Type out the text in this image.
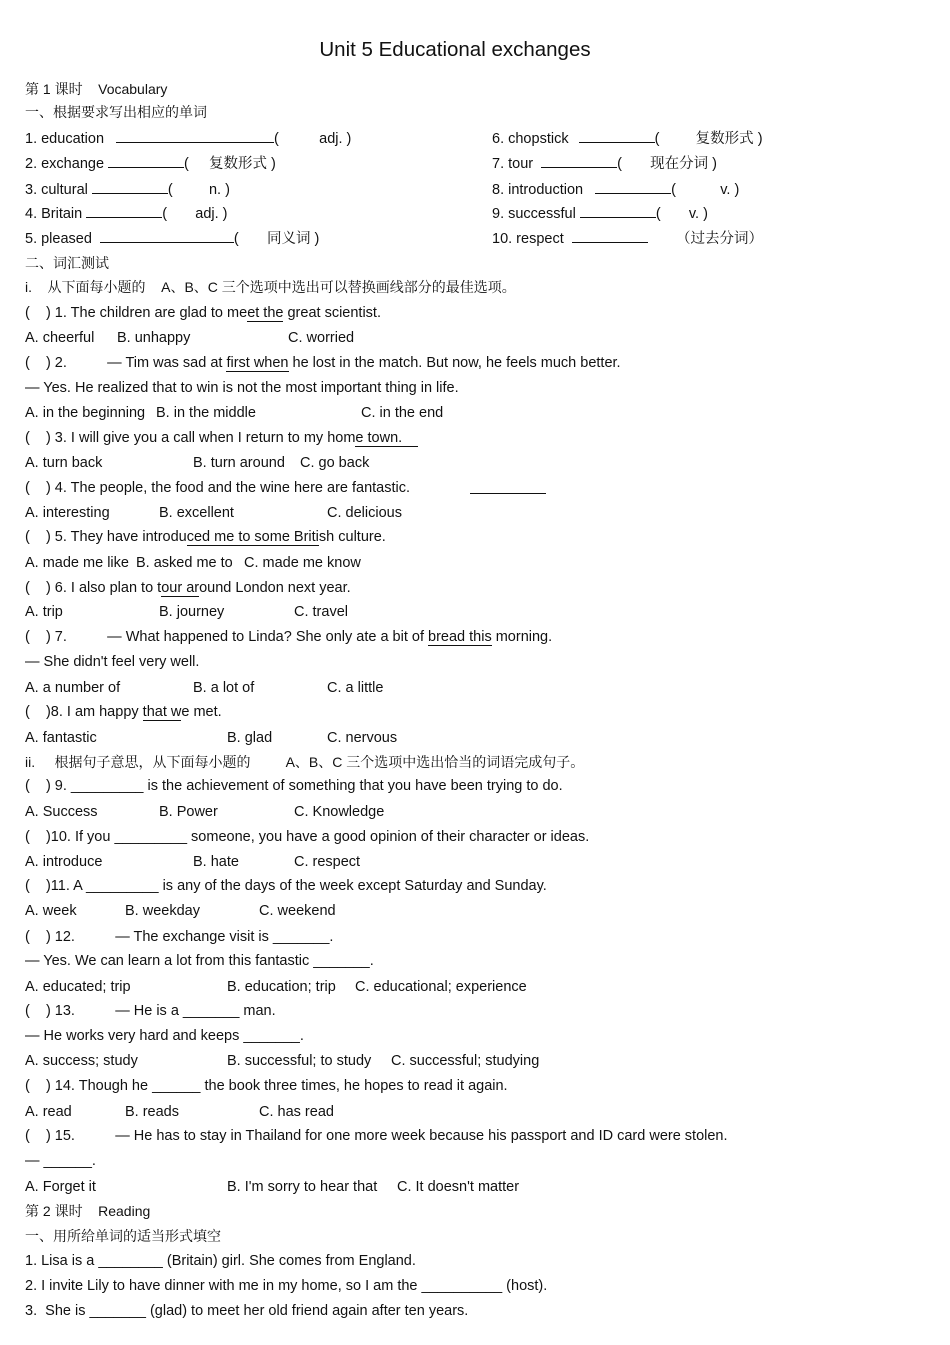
Unit 5 Educational exchanges
第 1 课时    Vocabulary
一、根据要求写出相应的单词
1. education	(          adj. )
2. exchange	(     复数形式 )
3. cultural	(         n. )
4. Britain	(       adj. )
5. pleased	(       同义词 )
6. chopstick	(         复数形式 )
7. tour	(       现在分词 )
8. introduction	(           v. )
9. successful	(       v. )
10. respect	（过去分词）
二、词汇测试
i.    从下面每小题的    A、B、C 三个选项中选出可以替换画线部分的最佳选项。
(    ) 1. The children are glad to meet the great scientist.
A. cheerful B. unhappy	C. worried
(    ) 2.          — Tim was sad at first when he lost in the match. But now, he feels much better.
— Yes. He realized that to win is not the most important thing in life.
A. in the beginning B. in the middle	C. in the end
(    ) 3. I will give you a call when I return to my home town.
A. turn back	B. turn around C. go back
(    ) 4. The people, the food and the wine here are fantastic.
A. interesting	B. excellent	C. delicious
(    ) 5. They have introduced me to some British culture.
A. made me like B. asked me to C. made me know
(    ) 6. I also plan to tour around London next year.
A. trip	B. journey	C. travel
(    ) 7.          — What happened to Linda? She only ate a bit of bread this morning.
— She didn't feel very well.
A. a number of	B. a lot of	C. a little
(    )8. I am happy that we met.
A. fantastic	B. glad	C. nervous
ii.     根据句子意思，从下面每小题的         A、B、C 三个选项中选出恰当的词语完成句子。
(    ) 9. _________ is the achievement of something that you have been trying to do.
A. Success	B. Power	C. Knowledge
(    )10. If you _________ someone, you have a good opinion of their character or ideas.
A. introduce	B. hate	C. respect
(    )11. A _________ is any of the days of the week except Saturday and Sunday.
A. week	B. weekday	C. weekend
(    ) 12.          — The exchange visit is _______.
— Yes. We can learn a lot from this fantastic _______.
A. educated; trip	B. education; trip C. educational; experience
(    ) 13.          — He is a _______ man.
— He works very hard and keeps _______.
A. success; study	B. successful; to study C. successful; studying
(    ) 14. Though he ______ the book three times, he hopes to read it again.
A. read	B. reads	C. has read
(    ) 15.          — He has to stay in Thailand for one more week because his passport and ID card were stolen.
— ______.
A. Forget it	B. I'm sorry to hear that C. It doesn't matter
第 2 课时    Reading
一、用所给单词的适当形式填空
1. Lisa is a ________ (Britain) girl. She comes from England.
2. I invite Lily to have dinner with me in my home, so I am the __________ (host).
3.  She is _______ (glad) to meet her old friend again after ten years.
